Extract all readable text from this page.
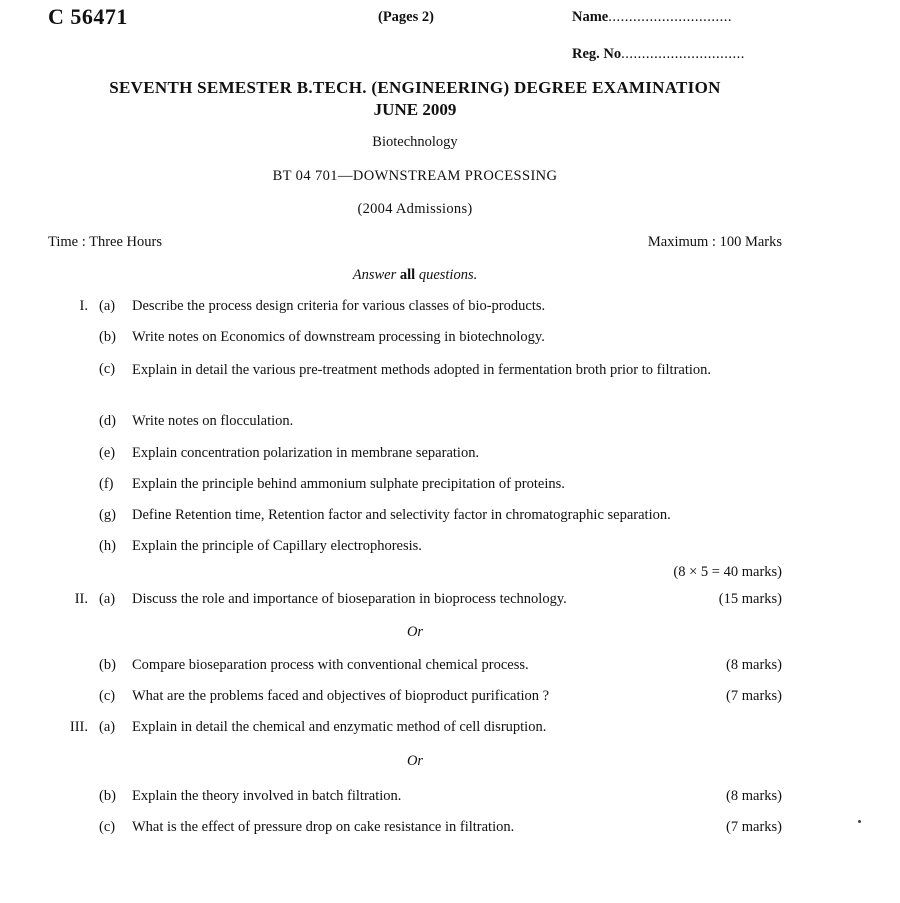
C 56471	(Pages 2)	Name..............................
Reg. No..............................
SEVENTH SEMESTER B.TECH. (ENGINEERING) DEGREE EXAMINATION
JUNE 2009
Biotechnology
BT 04 701—DOWNSTREAM PROCESSING
(2004 Admissions)
Time : Three Hours	Maximum : 100 Marks
Answer all questions.
I. (a) Describe the process design criteria for various classes of bio-products.
(b) Write notes on Economics of downstream processing in biotechnology.
(c) Explain in detail the various pre-treatment methods adopted in fermentation broth prior to filtration.
(d) Write notes on flocculation.
(e) Explain concentration polarization in membrane separation.
(f) Explain the principle behind ammonium sulphate precipitation of proteins.
(g) Define Retention time, Retention factor and selectivity factor in chromatographic separation.
(h) Explain the principle of Capillary electrophoresis.
(8 × 5 = 40 marks)
II. (a) Discuss the role and importance of bioseparation in bioprocess technology.	(15 marks)
Or
(b) Compare bioseparation process with conventional chemical process.	(8 marks)
(c) What are the problems faced and objectives of bioproduct purification ?	(7 marks)
III. (a) Explain in detail the chemical and enzymatic method of cell disruption.
Or
(b) Explain the theory involved in batch filtration.	(8 marks)
(c) What is the effect of pressure drop on cake resistance in filtration.	(7 marks)
